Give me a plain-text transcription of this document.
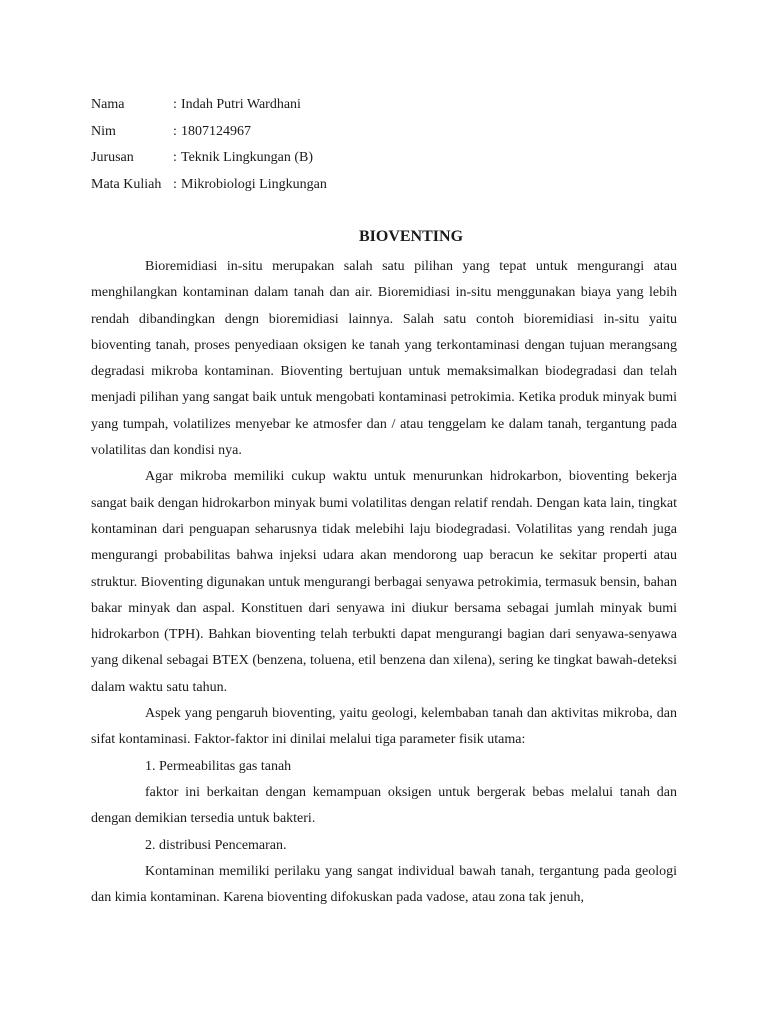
Nama	: Indah Putri Wardhani
Nim	: 1807124967
Jurusan	: Teknik Lingkungan (B)
Mata Kuliah : Mikrobiologi Lingkungan
BIOVENTING

Bioremidiasi in-situ merupakan salah satu pilihan yang tepat untuk mengurangi atau menghilangkan kontaminan dalam tanah dan air. Bioremidiasi in-situ menggunakan biaya yang lebih rendah dibandingkan dengn bioremidiasi lainnya. Salah satu contoh bioremidiasi in-situ yaitu bioventing tanah, proses penyediaan oksigen ke tanah yang terkontaminasi dengan tujuan merangsang degradasi mikroba kontaminan. Bioventing bertujuan untuk memaksimalkan biodegradasi dan telah menjadi pilihan yang sangat baik untuk mengobati kontaminasi petrokimia. Ketika produk minyak bumi yang tumpah, volatilizes menyebar ke atmosfer dan / atau tenggelam ke dalam tanah, tergantung pada volatilitas dan kondisi nya.

Agar mikroba memiliki cukup waktu untuk menurunkan hidrokarbon, bioventing bekerja sangat baik dengan hidrokarbon minyak bumi volatilitas dengan relatif rendah. Dengan kata lain, tingkat kontaminan dari penguapan seharusnya tidak melebihi laju biodegradasi. Volatilitas yang rendah juga mengurangi probabilitas bahwa injeksi udara akan mendorong uap beracun ke sekitar properti atau struktur. Bioventing digunakan untuk mengurangi berbagai senyawa petrokimia, termasuk bensin, bahan bakar minyak dan aspal. Konstituen dari senyawa ini diukur bersama sebagai jumlah minyak bumi hidrokarbon (TPH). Bahkan bioventing telah terbukti dapat mengurangi bagian dari senyawa-senyawa yang dikenal sebagai BTEX (benzena, toluena, etil benzena dan xilena), sering ke tingkat bawah-deteksi dalam waktu satu tahun.

Aspek yang pengaruh bioventing, yaitu geologi, kelembaban tanah dan aktivitas mikroba, dan sifat kontaminasi. Faktor-faktor ini dinilai melalui tiga parameter fisik utama:

1. Permeabilitas gas tanah

faktor ini berkaitan dengan kemampuan oksigen untuk bergerak bebas melalui tanah dan dengan demikian tersedia untuk bakteri.

2. distribusi Pencemaran.

Kontaminan memiliki perilaku yang sangat individual bawah tanah, tergantung pada geologi dan kimia kontaminan. Karena bioventing difokuskan pada vadose, atau zona tak jenuh,
